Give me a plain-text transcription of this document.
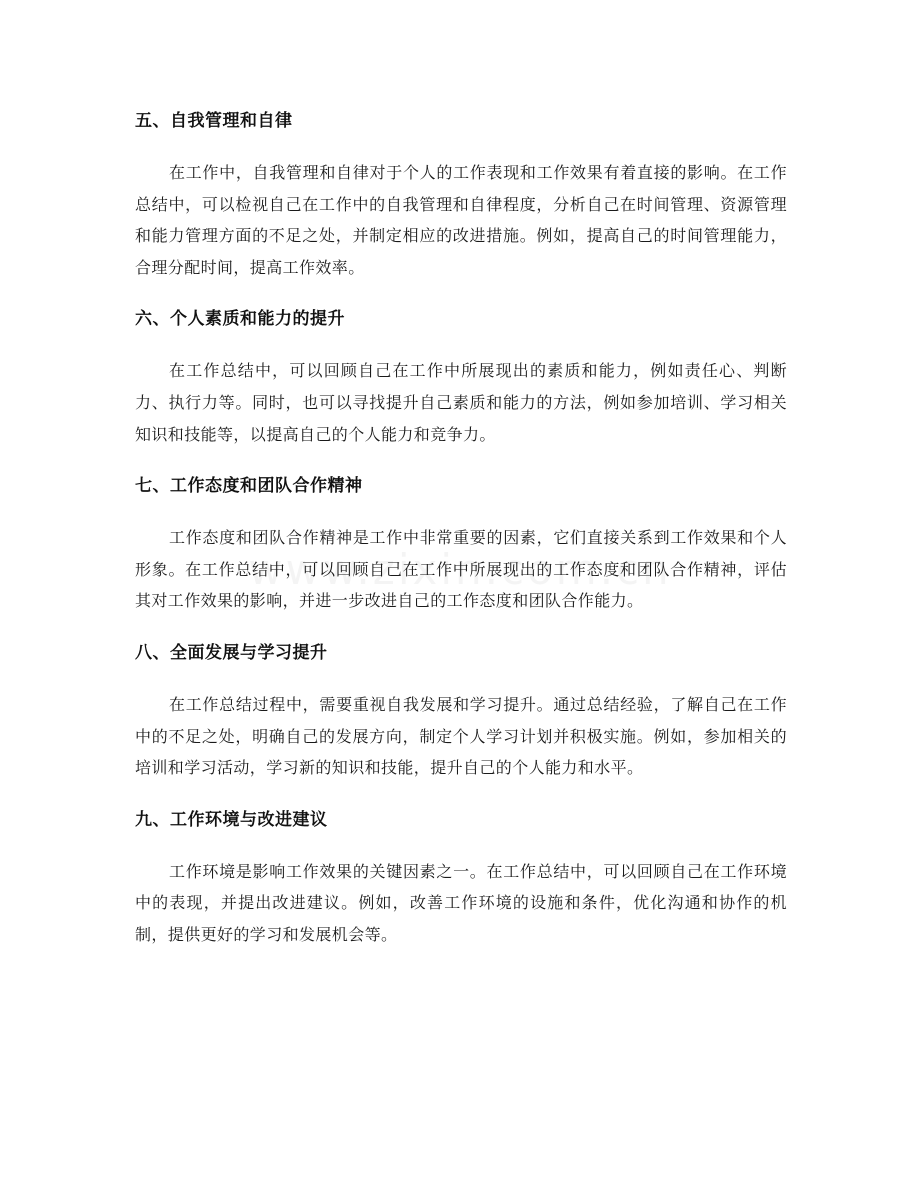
五、自我管理和自律

在工作中，自我管理和自律对于个人的工作表现和工作效果有着直接的影响。在工作总结中，可以检视自己在工作中的自我管理和自律程度，分析自己在时间管理、资源管理和能力管理方面的不足之处，并制定相应的改进措施。例如，提高自己的时间管理能力，合理分配时间，提高工作效率。

六、个人素质和能力的提升

在工作总结中，可以回顾自己在工作中所展现出的素质和能力，例如责任心、判断力、执行力等。同时，也可以寻找提升自己素质和能力的方法，例如参加培训、学习相关知识和技能等，以提高自己的个人能力和竞争力。

七、工作态度和团队合作精神

工作态度和团队合作精神是工作中非常重要的因素，它们直接关系到工作效果和个人形象。在工作总结中，可以回顾自己在工作中所展现出的工作态度和团队合作精神，评估其对工作效果的影响，并进一步改进自己的工作态度和团队合作能力。

八、全面发展与学习提升

在工作总结过程中，需要重视自我发展和学习提升。通过总结经验，了解自己在工作中的不足之处，明确自己的发展方向，制定个人学习计划并积极实施。例如，参加相关的培训和学习活动，学习新的知识和技能，提升自己的个人能力和水平。

九、工作环境与改进建议

工作环境是影响工作效果的关键因素之一。在工作总结中，可以回顾自己在工作环境中的表现，并提出改进建议。例如，改善工作环境的设施和条件，优化沟通和协作的机制，提供更好的学习和发展机会等。
